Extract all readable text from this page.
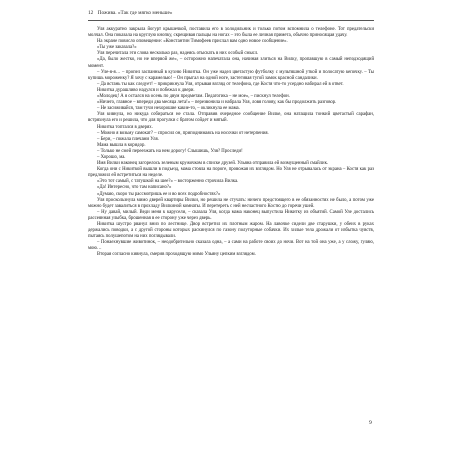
12 Пожива. «Так где мягко меньше»

Уля аккуратно закрыла йогурт крышечкой, поставила его в холодильник и только потом вспомнила о телефоне. Тот предательски молчал. Она показала на круглую кнопку, скрещивая пальцы на ногах – это была ее личная примета, обычно приносящая удачу.

На экране повисло оповещение: «Константин Тимофеев прислал вам одно новое сообщение».

«Ты уже заказала?»

Уля перечитала эти слова несколько раз, надеясь отыскать в них особый смысл.

«Да, было жестко, но не впервой же», – осторожно напечатала она, начиная злиться на Вилку, пропавшую в самый неподходящий момент.

– Уле-я-я… – пропел заспанный в кухню Никитка. Он уже надел цветастую футболку с мультяшной уткой и полосатую кепочку. – Ты купишь мороженку? Я хочу с карамелью! – Он прыгал на одной ноге, застегивая тугой замок красной сандалики.

– Да встань ты как следует! – прикрикнула Уля, отрывая взгляд от телефона, где Костя что-то усердно набирал ей в ответ.

Никитка дурашливо надулся и побежал к двери.

«Молодец! А я остался на осень по двум предметам. Педагогика – не мое», – пискнул телефон.

«Ничего, главное – впереди два месяца лета!» – перезвонила и набрала Уля, ловя голову, как бы продолжить разговор.

– Не засиживайся, там тучи нехорошие какие-то, – окликнула ее мама.

Уля кивнула, но никуда собираться не стала. Отправив очередное сообщение Вилке, она натащила тонкий цветастый сарафан, встряхнула его и решила, что для прогулки с братом сойдет и мятый.

Никитка топтался в дверях.

– Можно я возьму самокат? – спросил он, приподнимаясь на носочки от нетерпения.

– Бери, – пожала плечами Уля.

Мама вышла в коридор.

– Только не смей переезжать на нем дорогу! Слышишь, Уля? Проследи!

– Хорошо, ма.

Имя Вилки наконец загорелось зеленым кружочком в списке друзей. Ульяна отправила ей возмущенный смайлик.

Когда они с Никиткой вышли в подъезд, мама стояла на пороге, провожая их взглядом. Но Уля не отрывалась от экрана – Костя как раз предложил ей встретиться на неделе.

«Это тот самый, с татушкой на шее?» – восторженно строчила Вилка.

«Да! Интересно, что там написано?»

«Думаю, скоро ты рассмотришь ее и во всех подробностях?»

Уля проскользнула мимо дверей квартиры Вилки, но решила не стучать: ничего предстоящего в ее обязанностях не было, а потом уже можно будет завалиться в прохладу Вилкиной комнаты. И перетереть с ней несчастного Костю до горечи ушей.

– Ну давай, милый. Веди меня к карусели, – сказала Уля, когда мама наконец выпустила Никитку из объятий. Самой Уле достались рассеянная улыбка, брошенная в ее сторону уже через дверь.

Никитка шустро рванул вниз по лестнице. Двор встретил их плотным жаром. На лавочке сидели две старушки, у обеих в руках держались поводки, а с другой стороны которых раскинулся по газону полуторные собачки. Их хилые тела дрожали от избытка чувств, пытаясь полушепотом на них поглядывали.

– Понаехнувшие животинок, – неодобрительно сказала одна, – а сами на работе своих до ночи. Вот на той она уже, а у сложу, гуляю, мою…

Вторая согласно кивнула, смерив проходящую мимо Ульяну цепким взглядом.

9
